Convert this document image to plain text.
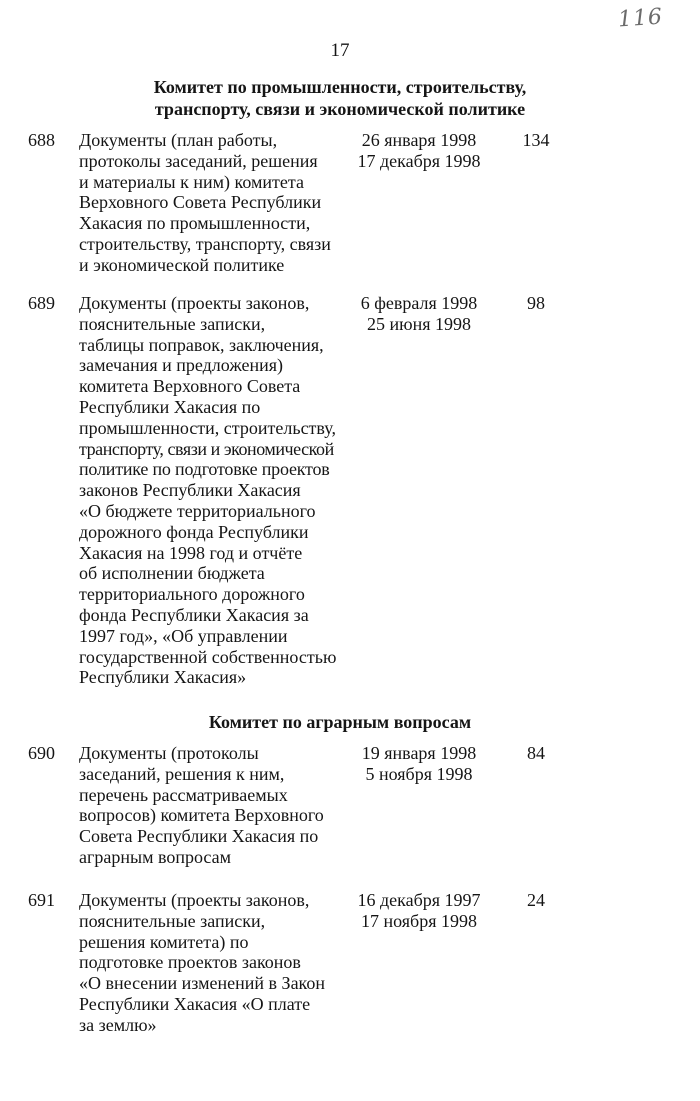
116
17
Комитет по промышленности, строительству,
транспорту, связи и экономической политике
688 Документы (план работы,
протоколы заседаний, решения
и материалы к ним) комитета
Верховного Совета Республики
Хакасия по промышленности,
строительству, транспорту, связи
и экономической политике
26 января 1998
17 декабря 1998
134
689 Документы (проекты законов,
пояснительные записки,
таблицы поправок, заключения,
замечания и предложения)
комитета Верховного Совета
Республики Хакасия по
промышленности, строительству,
транспорту, связи и экономической
политике по подготовке проектов
законов Республики Хакасия
«О бюджете территориального
дорожного фонда Республики
Хакасия на 1998 год и отчёте
об исполнении бюджета
территориального дорожного
фонда Республики Хакасия за
1997 год», «Об управлении
государственной собственностью
Республики Хакасия»
6 февраля 1998
25 июня 1998
98
Комитет по аграрным вопросам
690 Документы (протоколы
заседаний, решения к ним,
перечень рассматриваемых
вопросов) комитета Верховного
Совета Республики Хакасия по
аграрным вопросам
19 января 1998
5 ноября 1998
84
691 Документы (проекты законов,
пояснительные записки,
решения комитета) по
подготовке проектов законов
«О внесении изменений в Закон
Республики Хакасия «О плате
за землю»
16 декабря 1997
17 ноября 1998
24
